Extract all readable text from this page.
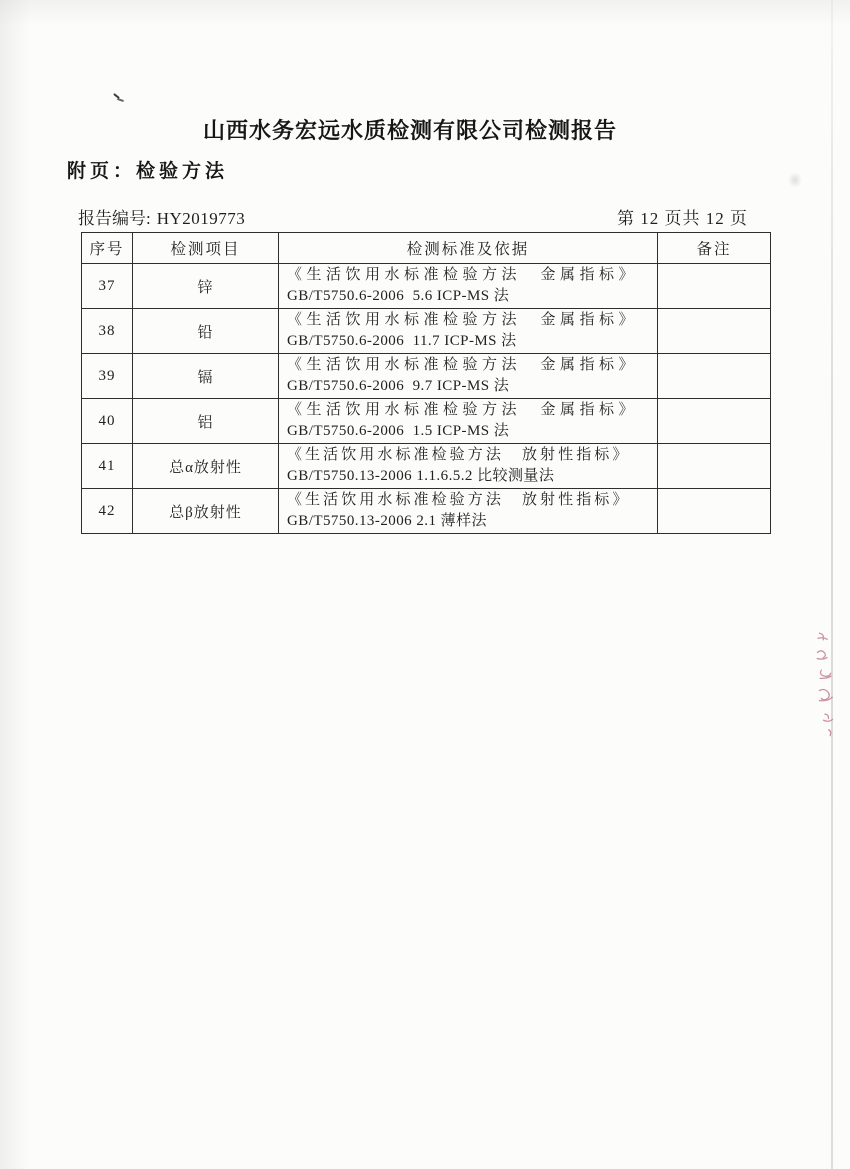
山西水务宏远水质检测有限公司检测报告
附页：检验方法
报告编号: HY2019773	第 12 页共 12 页
序号	检测项目	检测标准及依据	备注
37	锌	《生活饮用水标准检验方法　金属指标》
GB/T5750.6-2006  5.6 ICP-MS 法	

38	铅	《生活饮用水标准检验方法　金属指标》
GB/T5750.6-2006  11.7 ICP-MS 法	

39	镉	《生活饮用水标准检验方法　金属指标》
GB/T5750.6-2006  9.7 ICP-MS 法	

40	铝	《生活饮用水标准检验方法　金属指标》
GB/T5750.6-2006  1.5 ICP-MS 法	

41	总α放射性	《生活饮用水标准检验方法　放射性指标》
GB/T5750.13-2006 1.1.6.5.2 比较测量法	

42	总β放射性	《生活饮用水标准检验方法　放射性指标》
GB/T5750.13-2006 2.1 薄样法	
